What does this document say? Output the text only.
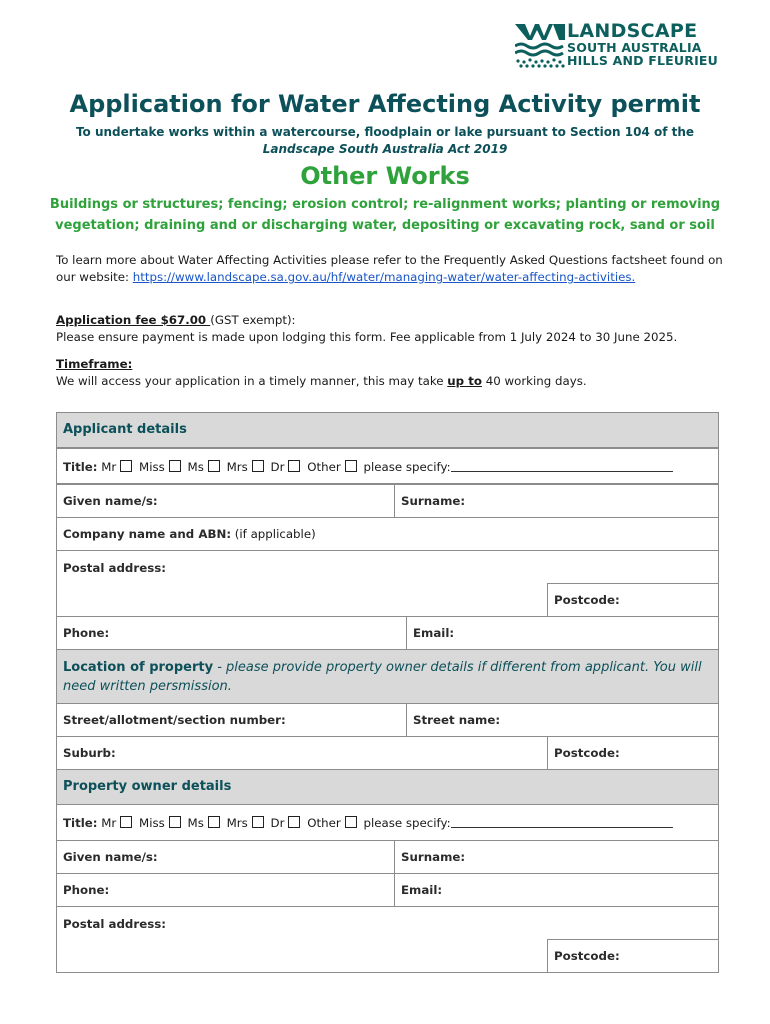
LANDSCAPE
SOUTH AUSTRALIA
HILLS AND FLEURIEU
Application for Water Affecting Activity permit
To undertake works within a watercourse, floodplain or lake pursuant to Section 104 of the
Landscape South Australia Act 2019
Other Works
Buildings or structures; fencing; erosion control; re-alignment works; planting or removing vegetation; draining and or discharging water, depositing or excavating rock, sand or soil
To learn more about Water Affecting Activities please refer to the Frequently Asked Questions factsheet found on our website: https://www.landscape.sa.gov.au/hf/water/managing-water/water-affecting-activities.
Application fee $67.00 (GST exempt):
Please ensure payment is made upon lodging this form. Fee applicable from 1 July 2024 to 30 June 2025.
Timeframe:
We will access your application in a timely manner, this may take up to 40 working days.
Applicant details
Title: Mr Miss Ms Mrs Dr Other please specify:
Given name/s:	Surname:
Company name and ABN: (if applicable)
Postal address:
Postcode:
Phone:	Email:
Location of property - please provide property owner details if different from applicant. You will need written persmission.
Street/allotment/section number:	Street name:
Suburb:	Postcode:
Property owner details
Title: Mr Miss Ms Mrs Dr Other please specify:
Given name/s:	Surname:
Phone:	Email:
Postal address:
Postcode:
